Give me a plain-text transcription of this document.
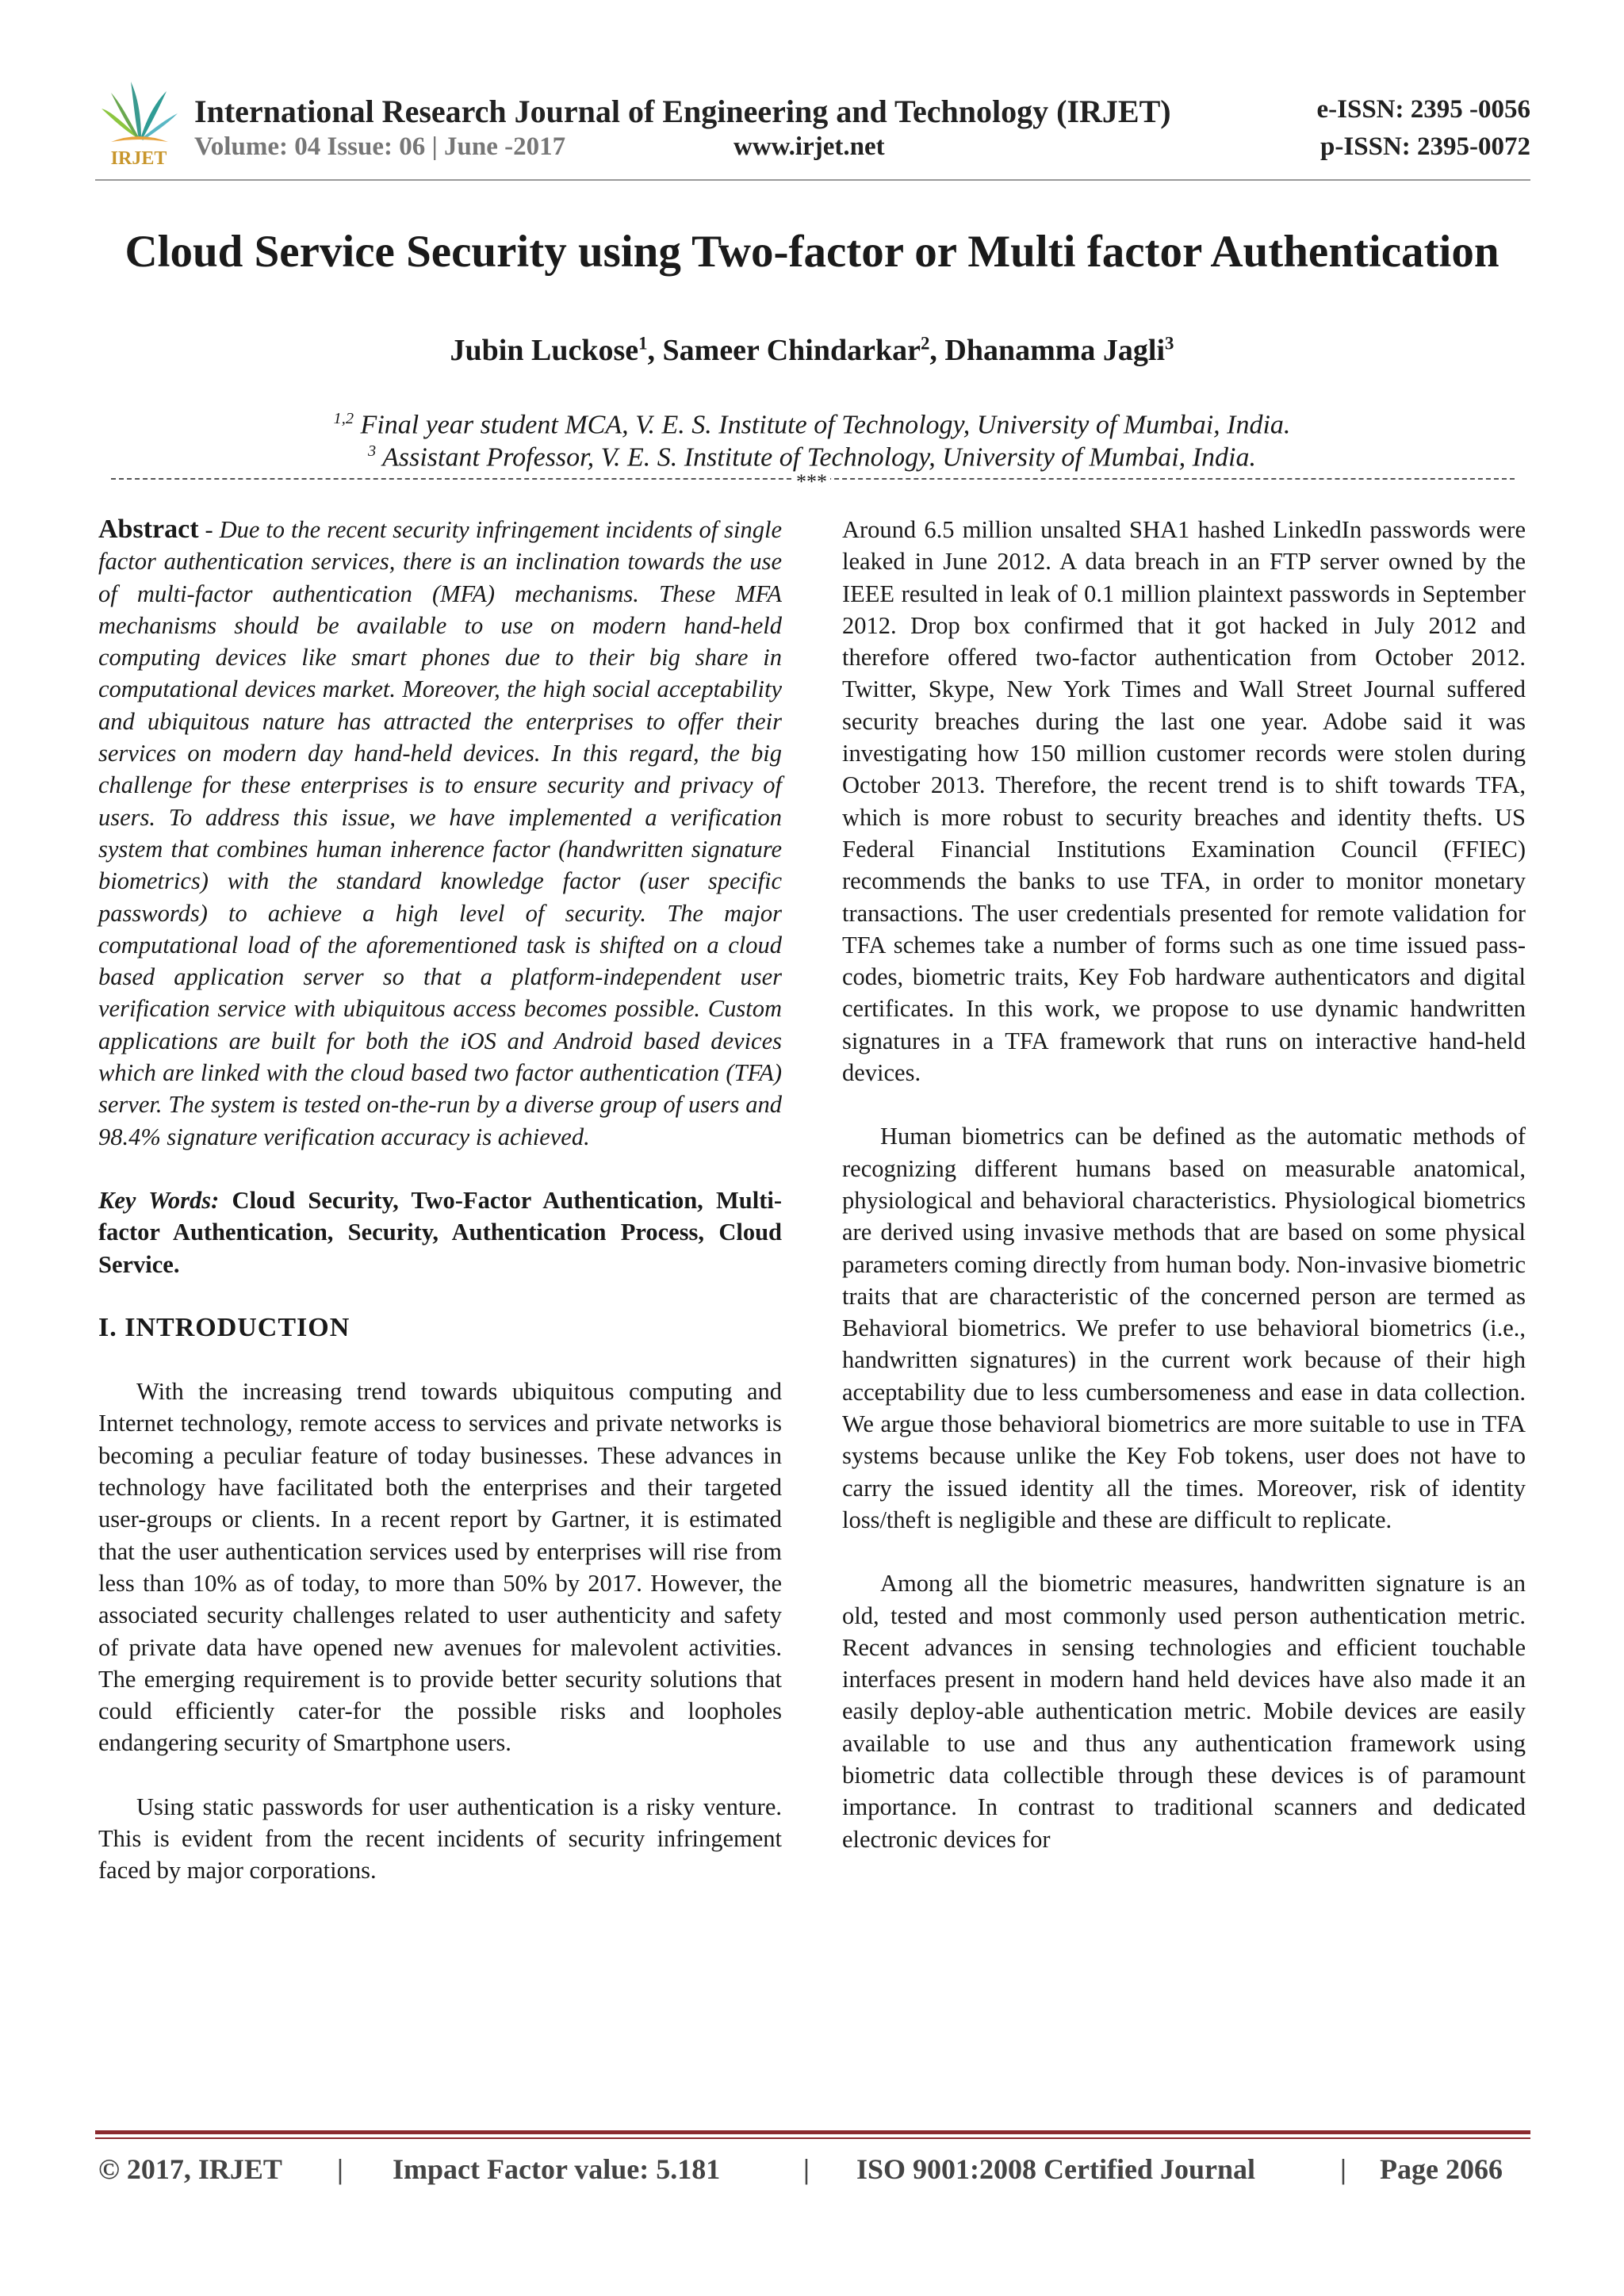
IRJET
International Research Journal of Engineering and Technology (IRJET)
Volume: 04 Issue: 06 | June -2017	www.irjet.net
e-ISSN: 2395 -0056
p-ISSN: 2395-0072
Cloud Service Security using Two-factor or Multi factor Authentication
Jubin Luckose$^1$, Sameer Chindarkar$^2$, Dhanamma Jagli$^3$
$^{1,2}$ Final year student MCA, V. E. S. Institute of Technology, University of Mumbai, India.
$^3$ Assistant Professor, V. E. S. Institute of Technology, University of Mumbai, India.
***

Abstract - Due to the recent security infringement incidents of single factor authentication services, there is an inclination towards the use of multi-factor authentication (MFA) mechanisms. These MFA mechanisms should be available to use on modern hand-held computing devices like smart phones due to their big share in computational devices market. Moreover, the high social acceptability and ubiquitous nature has attracted the enterprises to offer their services on modern day hand-held devices. In this regard, the big challenge for these enterprises is to ensure security and privacy of users. To address this issue, we have implemented a verification system that combines human inherence factor (handwritten signature biometrics) with the standard knowledge factor (user specific passwords) to achieve a high level of security. The major computational load of the aforementioned task is shifted on a cloud based application server so that a platform-independent user verification service with ubiquitous access becomes possible. Custom applications are built for both the iOS and Android based devices which are linked with the cloud based two factor authentication (TFA) server. The system is tested on-the-run by a diverse group of users and 98.4% signature verification accuracy is achieved.

Key Words: Cloud Security, Two-Factor Authentication, Multi-factor Authentication, Security, Authentication Process, Cloud Service.

I. INTRODUCTION

With the increasing trend towards ubiquitous computing and Internet technology, remote access to services and private networks is becoming a peculiar feature of today businesses. These advances in technology have facilitated both the enterprises and their targeted user-groups or clients. In a recent report by Gartner, it is estimated that the user authentication services used by enterprises will rise from less than 10% as of today, to more than 50% by 2017. However, the associated security challenges related to user authenticity and safety of private data have opened new avenues for malevolent activities. The emerging requirement is to provide better security solutions that could efficiently cater-for the possible risks and loopholes endangering security of Smartphone users.

Using static passwords for user authentication is a risky venture. This is evident from the recent incidents of security infringement faced by major corporations.

Around 6.5 million unsalted SHA1 hashed LinkedIn passwords were leaked in June 2012. A data breach in an FTP server owned by the IEEE resulted in leak of 0.1 million plaintext passwords in September 2012. Drop box confirmed that it got hacked in July 2012 and therefore offered two-factor authentication from October 2012. Twitter, Skype, New York Times and Wall Street Journal suffered security breaches during the last one year. Adobe said it was investigating how 150 million customer records were stolen during October 2013. Therefore, the recent trend is to shift towards TFA, which is more robust to security breaches and identity thefts. US Federal Financial Institutions Examination Council (FFIEC) recommends the banks to use TFA, in order to monitor monetary transactions. The user credentials presented for remote validation for TFA schemes take a number of forms such as one time issued pass-codes, biometric traits, Key Fob hardware authenticators and digital certificates. In this work, we propose to use dynamic handwritten signatures in a TFA framework that runs on interactive hand-held devices.

Human biometrics can be defined as the automatic methods of recognizing different humans based on measurable anatomical, physiological and behavioral characteristics. Physiological biometrics are derived using invasive methods that are based on some physical parameters coming directly from human body. Non-invasive biometric traits that are characteristic of the concerned person are termed as Behavioral biometrics. We prefer to use behavioral biometrics (i.e., handwritten signatures) in the current work because of their high acceptability due to less cumbersomeness and ease in data collection. We argue those behavioral biometrics are more suitable to use in TFA systems because unlike the Key Fob tokens, user does not have to carry the issued identity all the times. Moreover, risk of identity loss/theft is negligible and these are difficult to replicate.

Among all the biometric measures, handwritten signature is an old, tested and most commonly used person authentication metric. Recent advances in sensing technologies and efficient touchable interfaces present in modern hand held devices have also made it an easily deploy-able authentication metric. Mobile devices are easily available to use and thus any authentication framework using biometric data collectible through these devices is of paramount importance. In contrast to traditional scanners and dedicated electronic devices for

© 2017, IRJET | Impact Factor value: 5.181	| ISO 9001:2008 Certified Journal	| Page 2066
